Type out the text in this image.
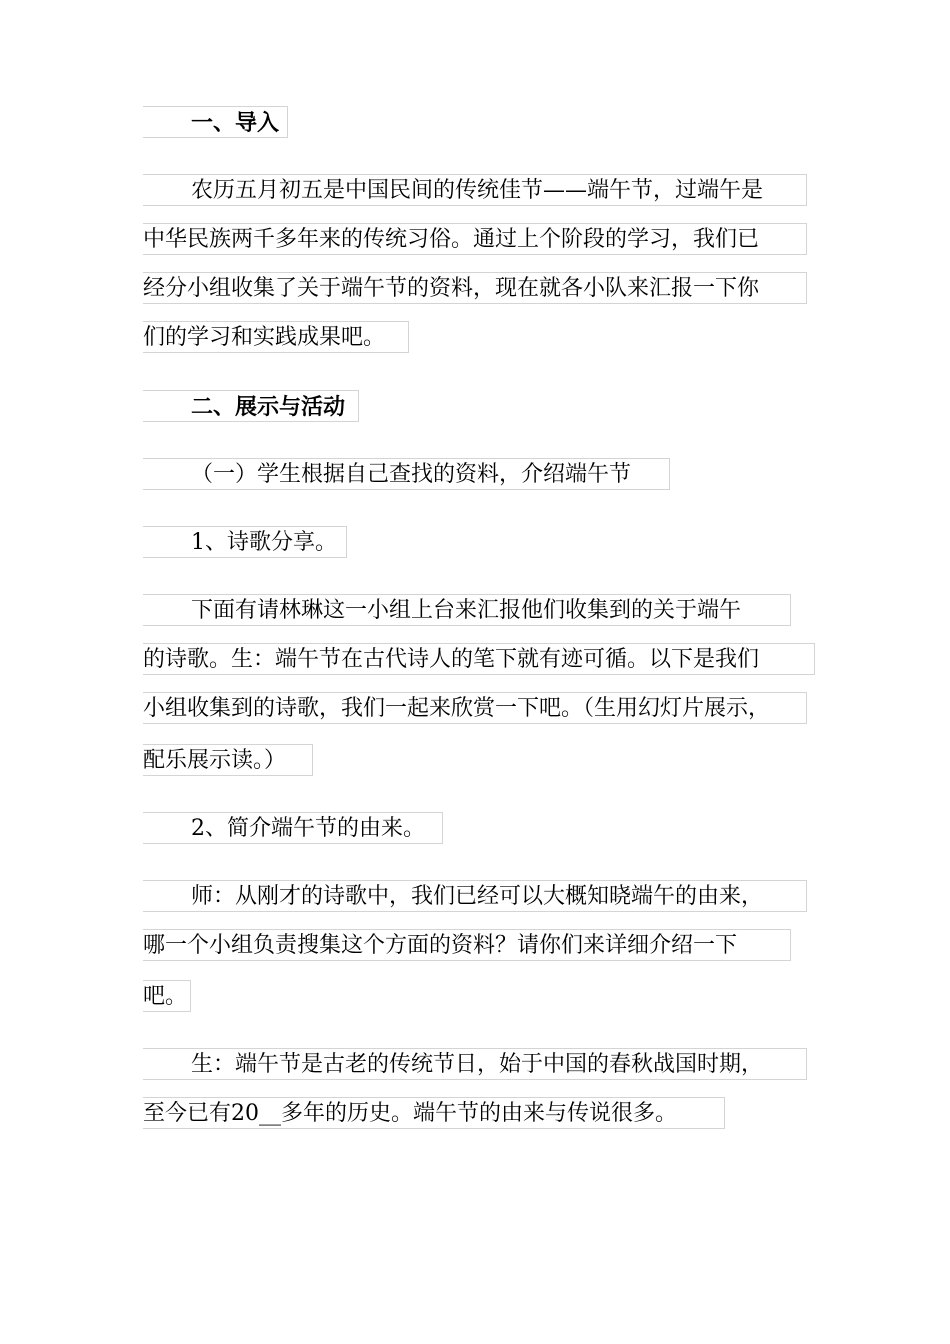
一、导入
农历五月初五是中国民间的传统佳节——端午节，过端午是
中华民族两千多年来的传统习俗。通过上个阶段的学习，我们已
经分小组收集了关于端午节的资料，现在就各小队来汇报一下你
们的学习和实践成果吧。
二、展示与活动
（一）学生根据自己查找的资料，介绍端午节
1、诗歌分享。
下面有请林琳这一小组上台来汇报他们收集到的关于端午
的诗歌。生：端午节在古代诗人的笔下就有迹可循。以下是我们
小组收集到的诗歌，我们一起来欣赏一下吧。（生用幻灯片展示，
配乐展示读。）
2、简介端午节的由来。
师：从刚才的诗歌中，我们已经可以大概知晓端午的由来，
哪一个小组负责搜集这个方面的资料？请你们来详细介绍一下
吧。
生：端午节是古老的传统节日，始于中国的春秋战国时期，
至今已有20__多年的历史。端午节的由来与传说很多。
